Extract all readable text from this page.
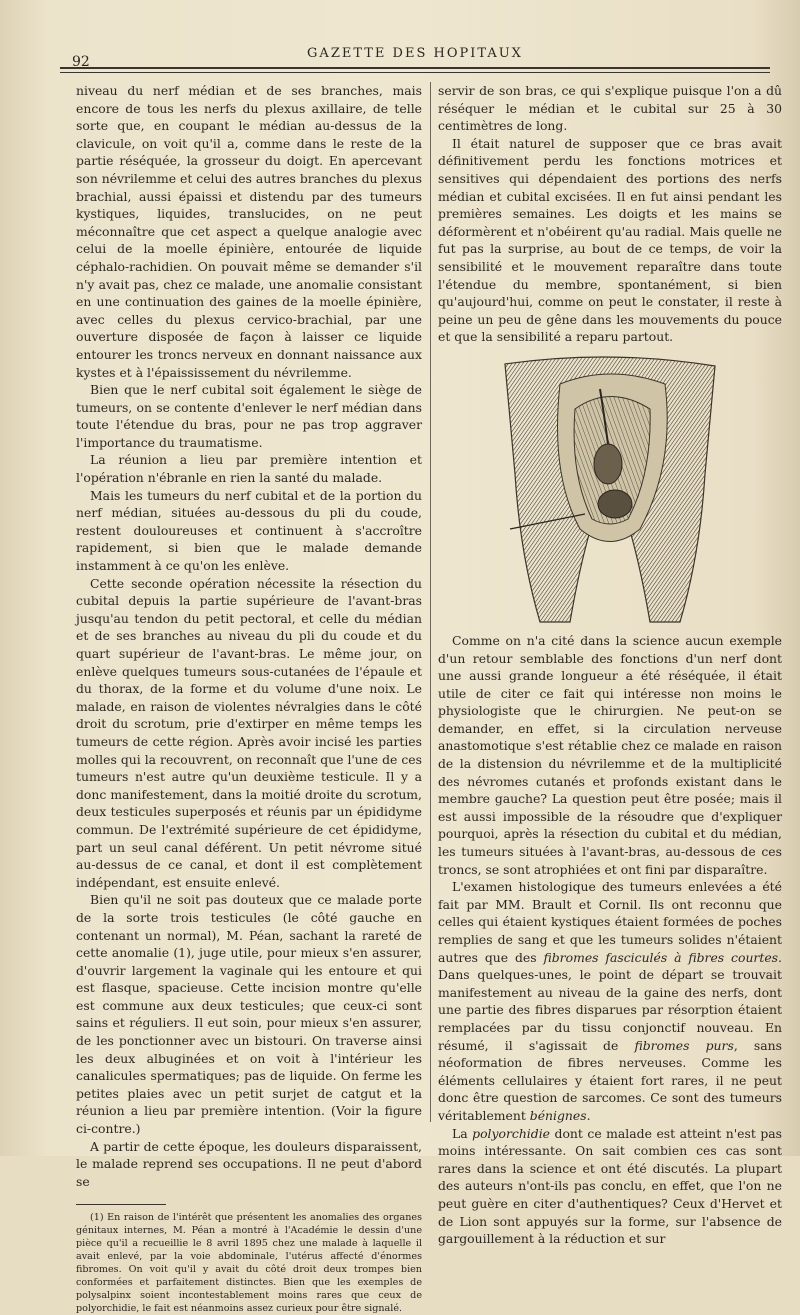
92
GAZETTE DES HOPITAUX

niveau du nerf médian et de ses branches, mais encore de tous les nerfs du plexus axillaire, de telle sorte que, en coupant le médian au-dessus de la clavicule, on voit qu'il a, comme dans le reste de la partie réséquée, la grosseur du doigt. En apercevant son névrilemme et celui des autres branches du plexus brachial, aussi épaissi et distendu par des tumeurs kystiques, liquides, translucides, on ne peut méconnaître que cet aspect a quelque analogie avec celui de la moelle épinière, entourée de liquide céphalo-rachidien. On pouvait même se demander s'il n'y avait pas, chez ce malade, une anomalie consistant en une continuation des gaines de la moelle épinière, avec celles du plexus cervico-brachial, par une ouverture disposée de façon à laisser ce liquide entourer les troncs nerveux en donnant naissance aux kystes et à l'épaississement du névrilemme.

Bien que le nerf cubital soit également le siège de tumeurs, on se contente d'enlever le nerf médian dans toute l'étendue du bras, pour ne pas trop aggraver l'importance du traumatisme.

La réunion a lieu par première intention et l'opération n'ébranle en rien la santé du malade.

Mais les tumeurs du nerf cubital et de la portion du nerf médian, situées au-dessous du pli du coude, restent douloureuses et continuent à s'accroître rapidement, si bien que le malade demande instamment à ce qu'on les enlève.

Cette seconde opération nécessite la résection du cubital depuis la partie supérieure de l'avant-bras jusqu'au tendon du petit pectoral, et celle du médian et de ses branches au niveau du pli du coude et du quart supérieur de l'avant-bras. Le même jour, on enlève quelques tumeurs sous-cutanées de l'épaule et du thorax, de la forme et du volume d'une noix. Le malade, en raison de violentes névralgies dans le côté droit du scrotum, prie d'extirper en même temps les tumeurs de cette région. Après avoir incisé les parties molles qui la recouvrent, on reconnaît que l'une de ces tumeurs n'est autre qu'un deuxième testicule. Il y a donc manifestement, dans la moitié droite du scrotum, deux testicules superposés et réunis par un épididyme commun. De l'extrémité supérieure de cet épididyme, part un seul canal déférent. Un petit névrome situé au-dessus de ce canal, et dont il est complètement indépendant, est ensuite enlevé.

Bien qu'il ne soit pas douteux que ce malade porte de la sorte trois testicules (le côté gauche en contenant un normal), M. Péan, sachant la rareté de cette anomalie (1), juge utile, pour mieux s'en assurer, d'ouvrir largement la vaginale qui les entoure et qui est flasque, spacieuse. Cette incision montre qu'elle est commune aux deux testicules; que ceux-ci sont sains et réguliers. Il eut soin, pour mieux s'en assurer, de les ponctionner avec un bistouri. On traverse ainsi les deux albuginées et on voit à l'intérieur les canalicules spermatiques; pas de liquide. On ferme les petites plaies avec un petit surjet de catgut et la réunion a lieu par première intention. (Voir la figure ci-contre.)

A partir de cette époque, les douleurs disparaissent, le malade reprend ses occupations. Il ne peut d'abord se

(1) En raison de l'intérêt que présentent les anomalies des organes génitaux internes, M. Péan a montré à l'Académie le dessin d'une pièce qu'il a recueillie le 8 avril 1895 chez une malade à laquelle il avait enlevé, par la voie abdominale, l'utérus affecté d'énormes fibromes. On voit qu'il y avait du côté droit deux trompes bien conformées et parfaitement distinctes. Bien que les exemples de polysalpinx soient incontestablement moins rares que ceux de polyorchidie, le fait est néanmoins assez curieux pour être signalé.

servir de son bras, ce qui s'explique puisque l'on a dû réséquer le médian et le cubital sur 25 à 30 centimètres de long.

Il était naturel de supposer que ce bras avait définitivement perdu les fonctions motrices et sensitives qui dépendaient des portions des nerfs médian et cubital excisées. Il en fut ainsi pendant les premières semaines. Les doigts et les mains se déformèrent et n'obéirent qu'au radial. Mais quelle ne fut pas la surprise, au bout de ce temps, de voir la sensibilité et le mouvement reparaître dans toute l'étendue du membre, spontanément, si bien qu'aujourd'hui, comme on peut le constater, il reste à peine un peu de gêne dans les mouvements du pouce et que la sensibilité a reparu partout.

Comme on n'a cité dans la science aucun exemple d'un retour semblable des fonctions d'un nerf dont une aussi grande longueur a été réséquée, il était utile de citer ce fait qui intéresse non moins le physiologiste que le chirurgien. Ne peut-on se demander, en effet, si la circulation nerveuse anastomotique s'est rétablie chez ce malade en raison de la distension du névrilemme et de la multiplicité des névromes cutanés et profonds existant dans le membre gauche? La question peut être posée; mais il est aussi impossible de la résoudre que d'expliquer pourquoi, après la résection du cubital et du médian, les tumeurs situées à l'avant-bras, au-dessous de ces troncs, se sont atrophiées et ont fini par disparaître.

L'examen histologique des tumeurs enlevées a été fait par MM. Brault et Cornil. Ils ont reconnu que celles qui étaient kystiques étaient formées de poches remplies de sang et que les tumeurs solides n'étaient autres que des fibromes fasciculés à fibres courtes. Dans quelques-unes, le point de départ se trouvait manifestement au niveau de la gaine des nerfs, dont une partie des fibres disparues par résorption étaient remplacées par du tissu conjonctif nouveau. En résumé, il s'agissait de fibromes purs, sans néoformation de fibres nerveuses. Comme les éléments cellulaires y étaient fort rares, il ne peut donc être question de sarcomes. Ce sont des tumeurs véritablement bénignes.

La polyorchidie dont ce malade est atteint n'est pas moins intéressante. On sait combien ces cas sont rares dans la science et ont été discutés. La plupart des auteurs n'ont-ils pas conclu, en effet, que l'on ne peut guère en citer d'authentiques? Ceux d'Hervet et de Lion sont appuyés sur la forme, sur l'absence de gargouillement à la réduction et sur
